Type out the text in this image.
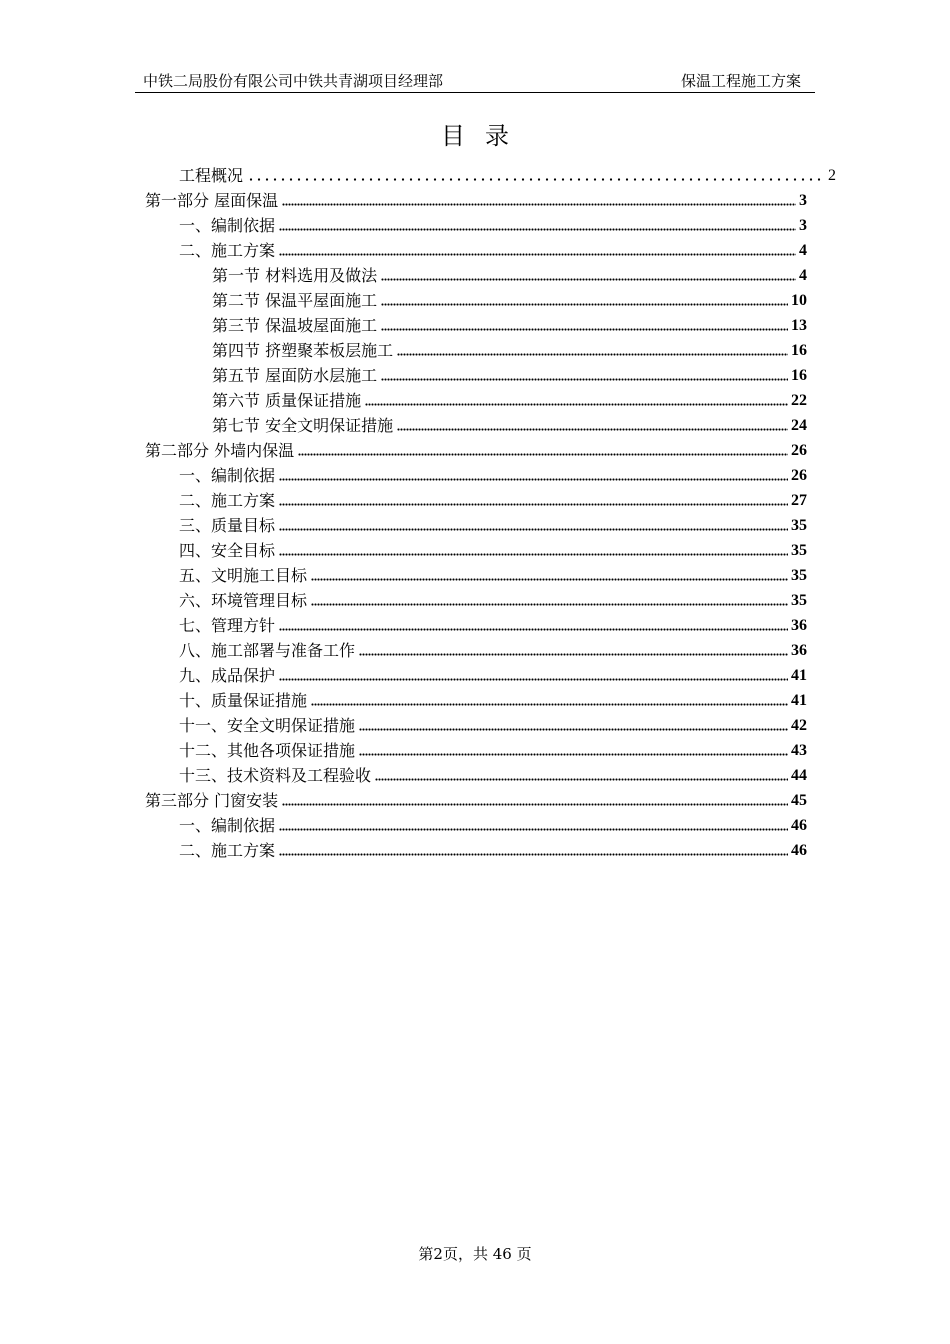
中铁二局股份有限公司中铁共青湖项目经理部	保温工程施工方案
目录
工程概况	2
第一部分 屋面保温	3
一、编制依据	3
二、施工方案	4
第一节 材料选用及做法	4
第二节 保温平屋面施工	10
第三节 保温坡屋面施工	13
第四节 挤塑聚苯板层施工	16
第五节 屋面防水层施工	16
第六节 质量保证措施	22
第七节 安全文明保证措施	24
第二部分 外墙内保温	26
一、编制依据	26
二、施工方案	27
三、质量目标	35
四、安全目标	35
五、文明施工目标	35
六、环境管理目标	35
七、管理方针	36
八、施工部署与准备工作	36
九、成品保护	41
十、质量保证措施	41
十一、安全文明保证措施	42
十二、其他各项保证措施	43
十三、技术资料及工程验收	44
第三部分 门窗安装	45
一、编制依据	46
二、施工方案	46
第2页，共 46 页
